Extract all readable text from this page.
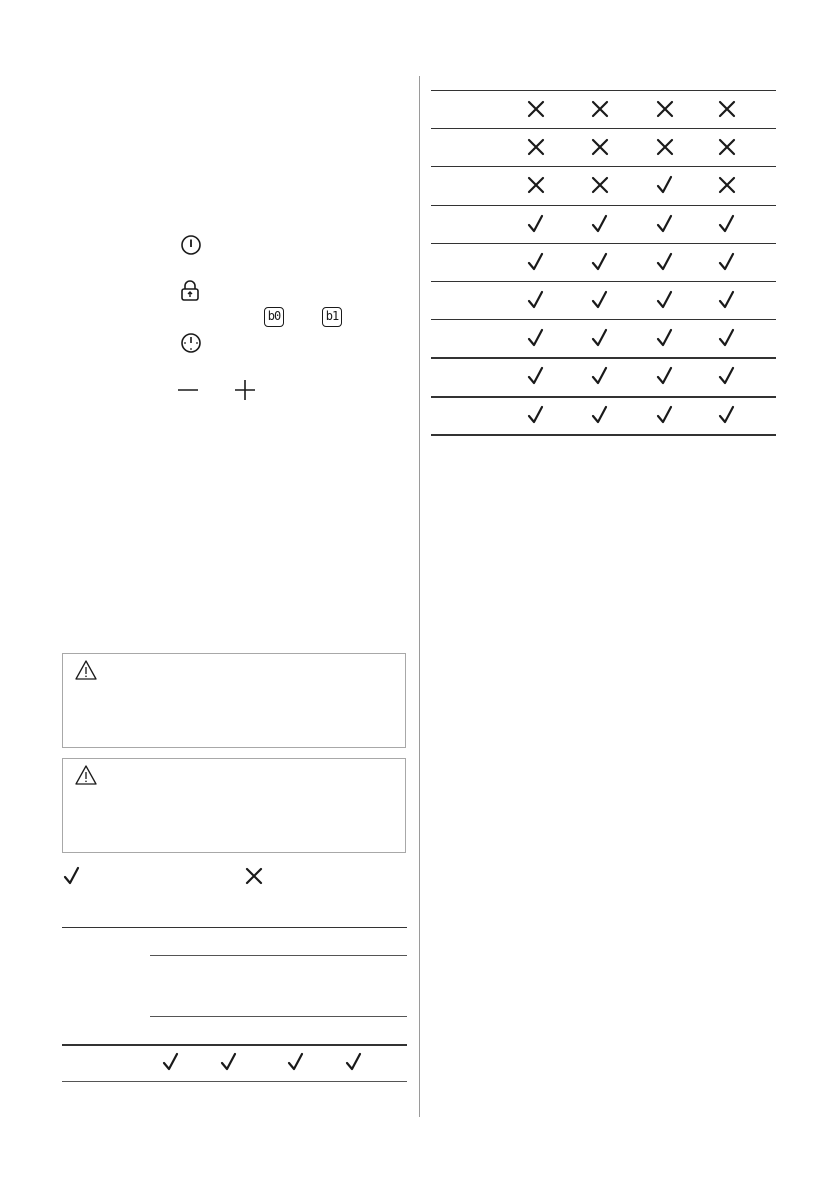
b0	b1
